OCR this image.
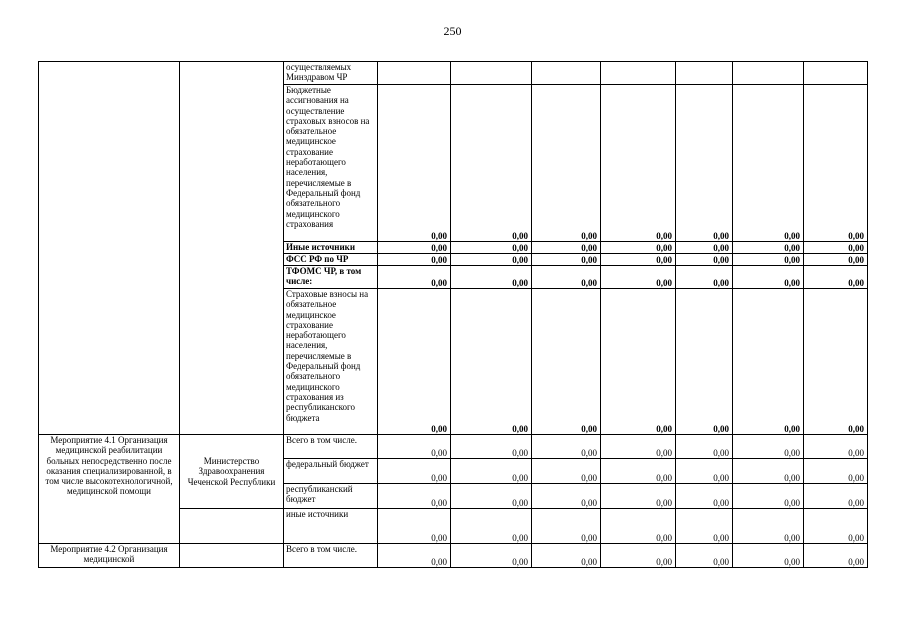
250
		осуществляемых Минздравом ЧР							
		Бюджетные ассигнования на осуществление страховых взносов на обязательное медицинское страхование неработающего населения, перечисляемые в Федеральный фонд обязательного медицинского страхования	0,00	0,00	0,00	0,00	0,00	0,00	0,00
		Иные источники	0,00	0,00	0,00	0,00	0,00	0,00	0,00
		ФСС РФ по ЧР	0,00	0,00	0,00	0,00	0,00	0,00	0,00
		ТФОМС ЧР, в том числе:	0,00	0,00	0,00	0,00	0,00	0,00	0,00
		Страховые взносы на обязательное медицинское страхование неработающего населения, перечисляемые в Федеральный фонд обязательного медицинского страхования из республиканского бюджета	0,00	0,00	0,00	0,00	0,00	0,00	0,00
Мероприятие 4.1 Организация медицинской реабилитации больных непосредственно после оказания специализированной, в том числе высокотехнологичной, медицинской помощи	Министерство Здравоохранения Чеченской Республики	Всего в том числе.	0,00	0,00	0,00	0,00	0,00	0,00	0,00
		федеральный бюджет	0,00	0,00	0,00	0,00	0,00	0,00	0,00
		республиканский бюджет	0,00	0,00	0,00	0,00	0,00	0,00	0,00
		иные источники	0,00	0,00	0,00	0,00	0,00	0,00	0,00
Мероприятие 4.2 Организация медицинской		Всего в том числе.	0,00	0,00	0,00	0,00	0,00	0,00	0,00
